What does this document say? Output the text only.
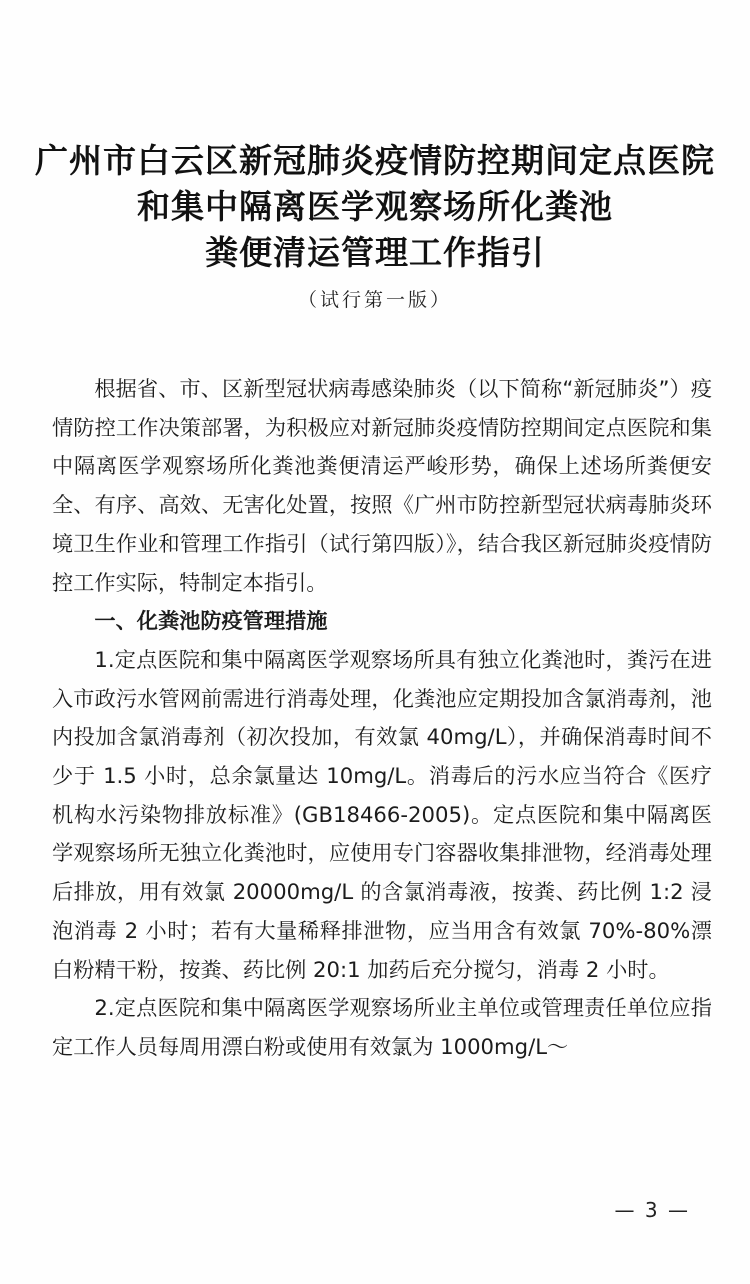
广州市白云区新冠肺炎疫情防控期间定点医院
和集中隔离医学观察场所化粪池
粪便清运管理工作指引
（试行第一版）

根据省、市、区新型冠状病毒感染肺炎（以下简称“新冠肺炎”）疫情防控工作决策部署，为积极应对新冠肺炎疫情防控期间定点医院和集中隔离医学观察场所化粪池粪便清运严峻形势，确保上述场所粪便安全、有序、高效、无害化处置，按照《广州市防控新型冠状病毒肺炎环境卫生作业和管理工作指引（试行第四版）》，结合我区新冠肺炎疫情防控工作实际，特制定本指引。

一、化粪池防疫管理措施

1.定点医院和集中隔离医学观察场所具有独立化粪池时，粪污在进入市政污水管网前需进行消毒处理，化粪池应定期投加含氯消毒剂，池内投加含氯消毒剂（初次投加，有效氯 40mg/L），并确保消毒时间不少于 1.5 小时，总余氯量达 10mg/L。消毒后的污水应当符合《医疗机构水污染物排放标准》(GB18466-2005)。定点医院和集中隔离医学观察场所无独立化粪池时，应使用专门容器收集排泄物，经消毒处理后排放，用有效氯 20000mg/L 的含氯消毒液，按粪、药比例 1:2 浸泡消毒 2 小时；若有大量稀释排泄物，应当用含有效氯 70%-80%漂白粉精干粉，按粪、药比例 20:1 加药后充分搅匀，消毒 2 小时。

2.定点医院和集中隔离医学观察场所业主单位或管理责任单位应指定工作人员每周用漂白粉或使用有效氯为 1000mg/L～

— 3 —
